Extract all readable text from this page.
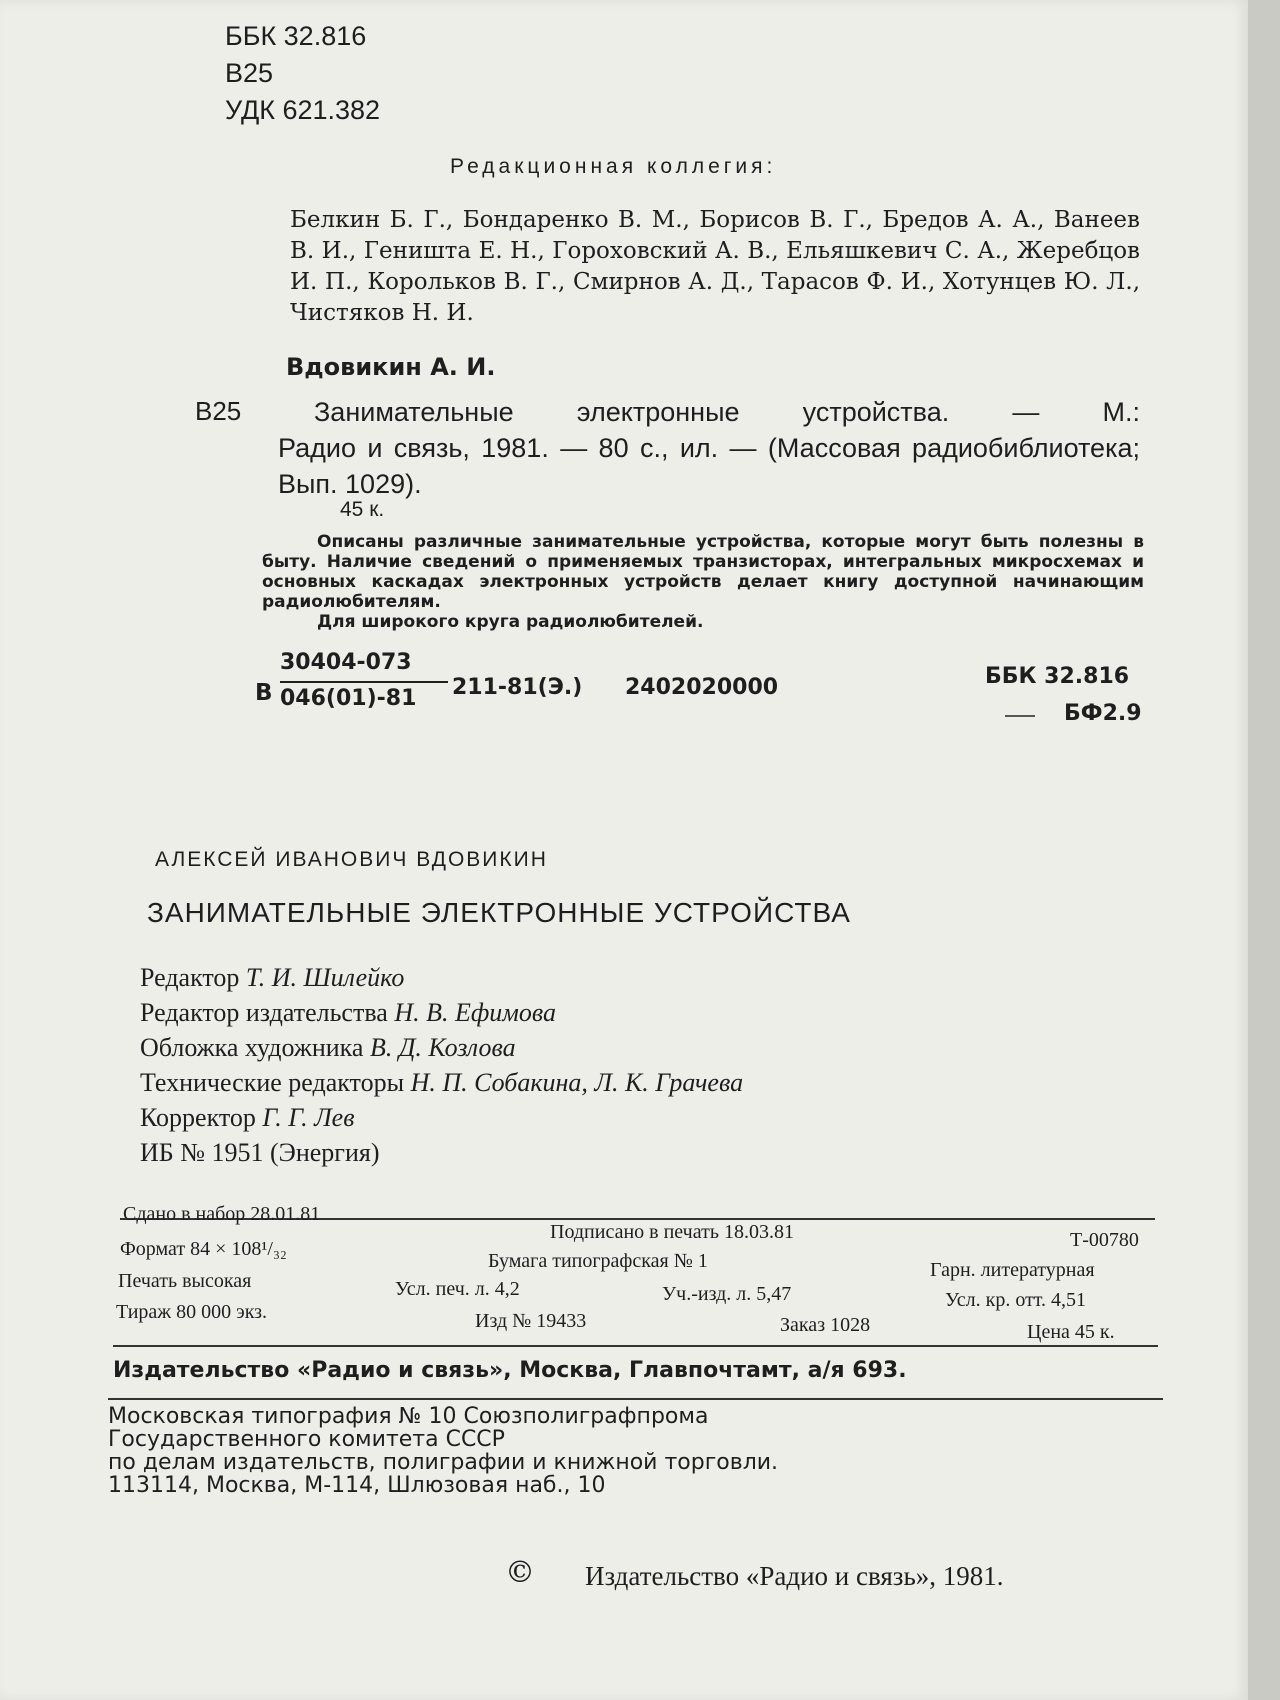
ББК 32.816
В25
УДК 621.382
Редакционная коллегия:
Белкин Б. Г., Бондаренко В. М., Борисов В. Г., Бредов А. А., Ванеев В. И., Геништа Е. Н., Гороховский А. В., Ельяшкевич С. А., Жеребцов И. П., Корольков В. Г., Смирнов А. Д., Тарасов Ф. И., Хотунцев Ю. Л., Чистяков Н. И.
Вдовикин А. И.
В25	Занимательные электронные устройства. — М.:
Радио и связь, 1981. — 80 с., ил. — (Массовая радиобиблиотека; Вып. 1029).
45 к.

Описаны различные занимательные устройства, которые могут быть полезны в быту. Наличие сведений о применяемых транзисторах, интегральных микросхемах и основных каскадах электронных устройств делает книгу доступной начинающим радиолюбителям.

Для широкого круга радиолюбителей.

В
30404-073
046(01)-81 211-81(Э.) 2402020000	ББК 32.816
БФ2.9
АЛЕКСЕЙ ИВАНОВИЧ ВДОВИКИН
ЗАНИМАТЕЛЬНЫЕ ЭЛЕКТРОННЫЕ УСТРОЙСТВА
Редактор Т. И. Шилейко
Редактор издательства Н. В. Ефимова
Обложка художника В. Д. Козлова
Технические редакторы Н. П. Собакина, Л. К. Грачева
Корректор Г. Г. Лев
ИБ № 1951 (Энергия)
Сдано в набор 28.01.81
Подписано в печать 18.03.81	Т-00780
Формат 84 × 108¹/₃₂
Бумага типографская № 1	Гарн. литературная
Печать высокая	Усл. печ. л. 4,2	Уч.-изд. л. 5,47	Усл. кр. отт. 4,51
Тираж 80 000 экз.	Изд № 19433	Заказ 1028	Цена 45 к.
Издательство «Радио и связь», Москва, Главпочтамт, а/я 693.
Московская типография № 10 Союзполиграфпрома
Государственного комитета СССР
по делам издательств, полиграфии и книжной торговли.
113114, Москва, М-114, Шлюзовая наб., 10
© Издательство «Радио и связь», 1981.
